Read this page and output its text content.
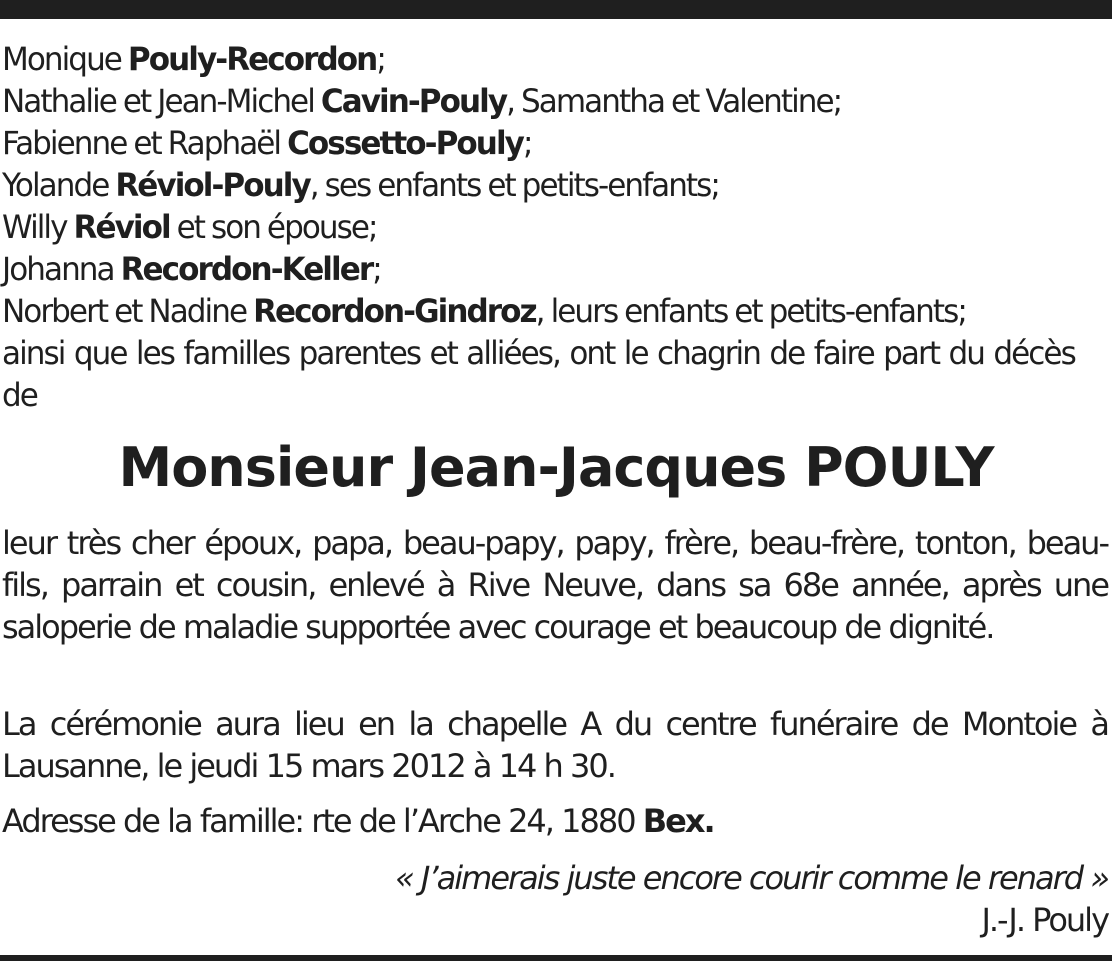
Monique Pouly-Recordon;
Nathalie et Jean-Michel Cavin-Pouly, Samantha et Valentine;
Fabienne et Raphaël Cossetto-Pouly;
Yolande Réviol-Pouly, ses enfants et petits-enfants;
Willy Réviol et son épouse;
Johanna Recordon-Keller;
Norbert et Nadine Recordon-Gindroz, leurs enfants et petits-enfants;
ainsi que les familles parentes et alliées, ont le chagrin de faire part du décès de
Monsieur Jean-Jacques POULY
leur très cher époux, papa, beau-papy, papy, frère, beau-frère, tonton, beau-fils, parrain et cousin, enlevé à Rive Neuve, dans sa 68e année, après une saloperie de maladie supportée avec courage et beaucoup de dignité.
La cérémonie aura lieu en la chapelle A du centre funéraire de Montoie à Lausanne, le jeudi 15 mars 2012 à 14 h 30.
Adresse de la famille: rte de l’Arche 24, 1880 Bex.
« J’aimerais juste encore courir comme le renard »
J.-J. Pouly
